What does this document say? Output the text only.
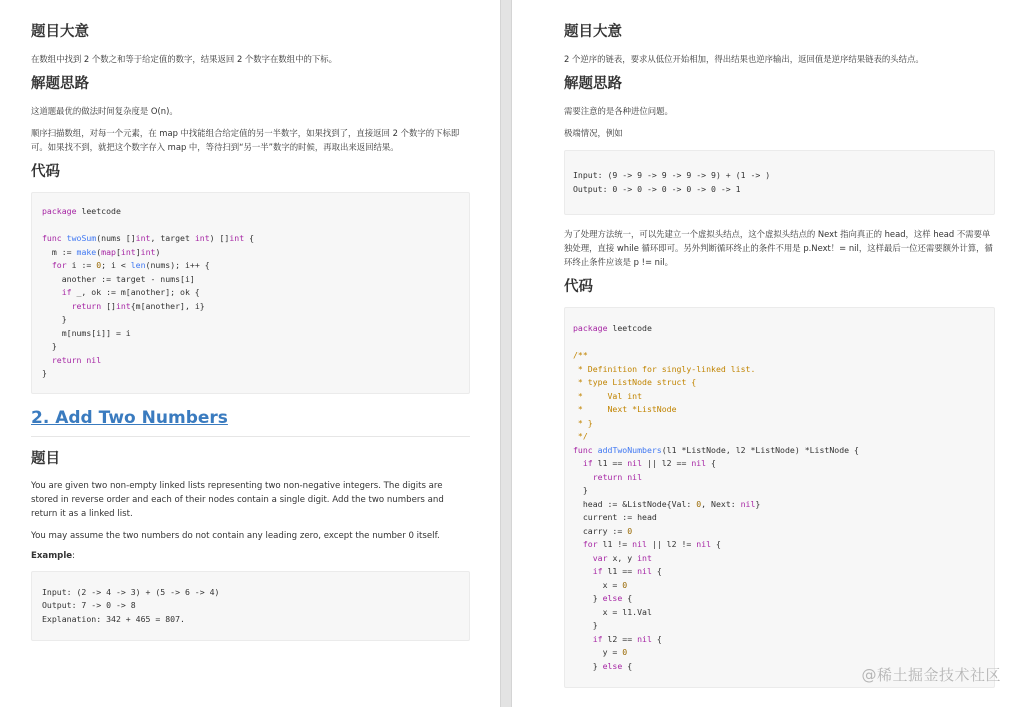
题目大意

在数组中找到 2 个数之和等于给定值的数字，结果返回 2 个数字在数组中的下标。

解题思路

这道题最优的做法时间复杂度是 O(n)。

顺序扫描数组，对每一个元素，在 map 中找能组合给定值的另一半数字，如果找到了，直接返回 2 个数字的下标即可。如果找不到，就把这个数字存入 map 中，等待扫到“另一半”数字的时候，再取出来返回结果。

代码
package leetcode

func twoSum(nums []int, target int) []int {
m := make(map[int]int)
for i := 0; i < len(nums); i++ {
another := target - nums[i]
if _, ok := m[another]; ok {
return []int{m[another], i}
}
m[nums[i]] = i
}
return nil
}
2. Add Two Numbers
题目

You are given two non-empty linked lists representing two non-negative integers. The digits are stored in reverse order and each of their nodes contain a single digit. Add the two numbers and return it as a linked list.

You may assume the two numbers do not contain any leading zero, except the number 0 itself.

Example:
Input: (2 -> 4 -> 3) + (5 -> 6 -> 4)
Output: 7 -> 0 -> 8
Explanation: 342 + 465 = 807.
题目大意

2 个逆序的链表，要求从低位开始相加，得出结果也逆序输出，返回值是逆序结果链表的头结点。

解题思路

需要注意的是各种进位问题。

极端情况，例如

Input: (9 -> 9 -> 9 -> 9 -> 9) + (1 -> )
Output: 0 -> 0 -> 0 -> 0 -> 0 -> 1

为了处理方法统一，可以先建立一个虚拟头结点，这个虚拟头结点的 Next 指向真正的 head，这样 head 不需要单独处理，直接 while 循环即可。另外判断循环终止的条件不用是 p.Next！= nil，这样最后一位还需要额外计算，循环终止条件应该是 p != nil。

代码
package leetcode

/**
* Definition for singly-linked list.
* type ListNode struct {
*     Val int
*     Next *ListNode
* }
*/
func addTwoNumbers(l1 *ListNode, l2 *ListNode) *ListNode {
if l1 == nil || l2 == nil {
return nil
}
head := &ListNode{Val: 0, Next: nil}
current := head
carry := 0
for l1 != nil || l2 != nil {
var x, y int
if l1 == nil {
x = 0
} else {
x = l1.Val
}
if l2 == nil {
y = 0
} else {
@稀土掘金技术社区
